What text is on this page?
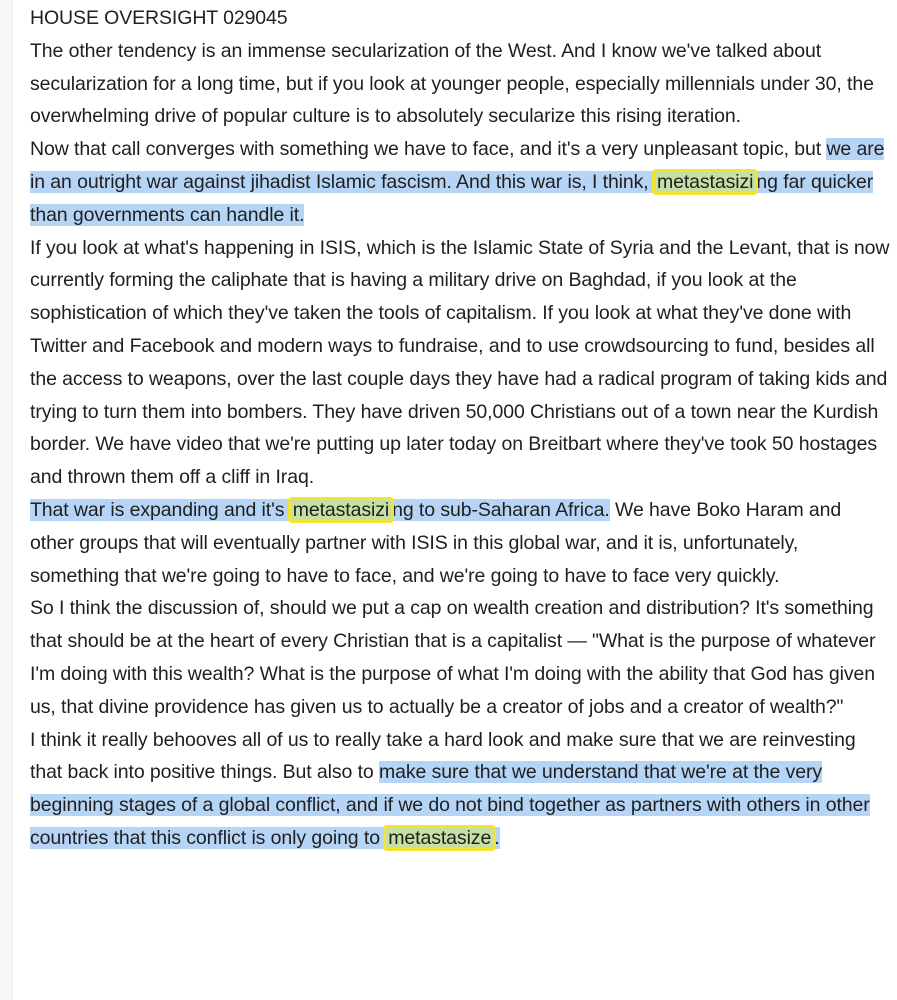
HOUSE OVERSIGHT 029045

The other tendency is an immense secularization of the West. And I know we've talked about secularization for a long time, but if you look at younger people, especially millennials under 30, the overwhelming drive of popular culture is to absolutely secularize this rising iteration.

Now that call converges with something we have to face, and it's a very unpleasant topic, but we are in an outright war against jihadist Islamic fascism. And this war is, I think, metastasizi ng far quicker than governments can handle it.

If you look at what's happening in ISIS, which is the Islamic State of Syria and the Levant, that is now currently forming the caliphate that is having a military drive on Baghdad, if you look at the sophistication of which they've taken the tools of capitalism. If you look at what they've done with Twitter and Facebook and modern ways to fundraise, and to use crowdsourcing to fund, besides all the access to weapons, over the last couple days they have had a radical program of taking kids and trying to turn them into bombers. They have driven 50,000 Christians out of a town near the Kurdish border. We have video that we're putting up later today on Breitbart where they've took 50 hostages and thrown them off a cliff in Iraq.

That war is expanding and it's metastasizi ng to sub-Saharan Africa. We have Boko Haram and other groups that will eventually partner with ISIS in this global war, and it is, unfortunately, something that we're going to have to face, and we're going to have to face very quickly.

So I think the discussion of, should we put a cap on wealth creation and distribution? It's something that should be at the heart of every Christian that is a capitalist — "What is the purpose of whatever I'm doing with this wealth? What is the purpose of what I'm doing with the ability that God has given us, that divine providence has given us to actually be a creator of jobs and a creator of wealth?"

I think it really behooves all of us to really take a hard look and make sure that we are reinvesting that back into positive things. But also to make sure that we understand that we're at the very beginning stages of a global conflict, and if we do not bind together as partners with others in other countries that this conflict is only going to metastasize .
